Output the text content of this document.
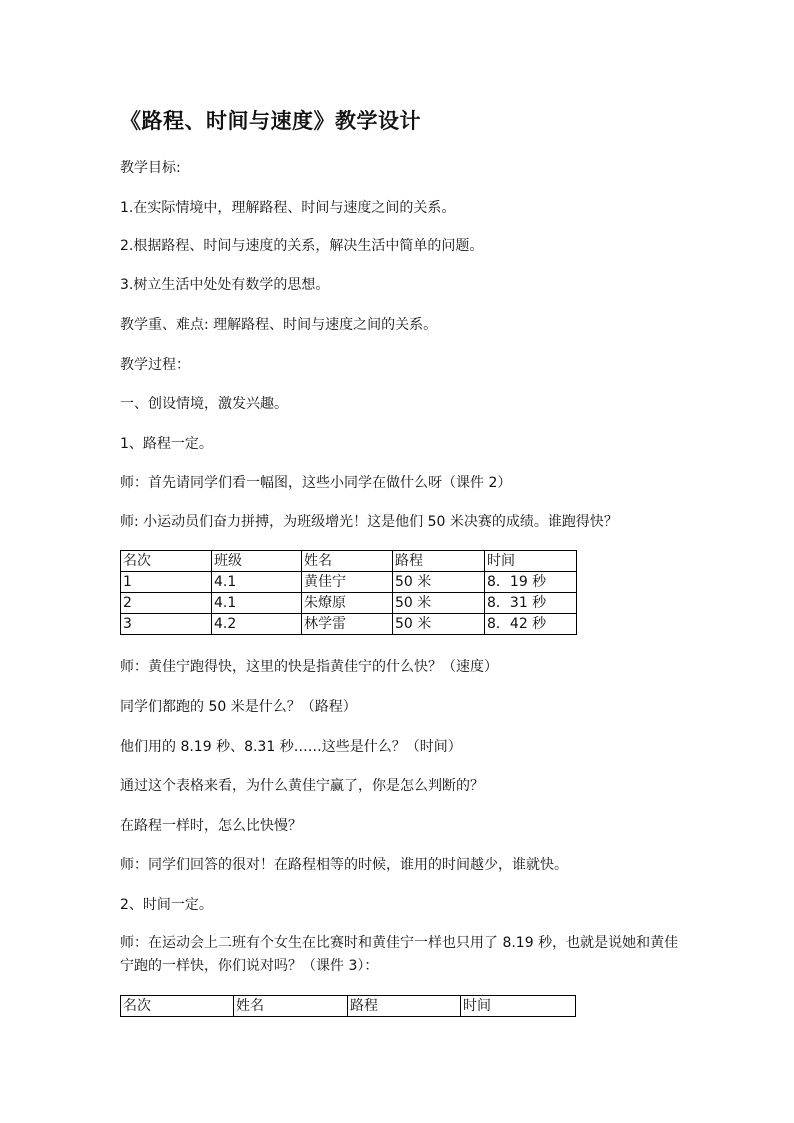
《路程、时间与速度》教学设计
教学目标:
1.在实际情境中，理解路程、时间与速度之间的关系。
2.根据路程、时间与速度的关系，解决生活中简单的问题。
3.树立生活中处处有数学的思想。
教学重、难点: 理解路程、时间与速度之间的关系。
教学过程：
一、创设情境，激发兴趣。
1、路程一定。
师：首先请同学们看一幅图，这些小同学在做什么呀（课件 2）
师: 小运动员们奋力拼搏，为班级增光！这是他们 50 米决赛的成绩。谁跑得快？
名次	班级	姓名	路程	时间
1	4.1	黄佳宁	50 米	8．19 秒
2	4.1	朱燎原	50 米	8．31 秒
3	4.2	林学雷	50 米	8．42 秒
师：黄佳宁跑得快，这里的快是指黄佳宁的什么快？（速度）
同学们都跑的 50 米是什么？（路程）
他们用的 8.19 秒、8.31 秒……这些是什么？（时间）
通过这个表格来看，为什么黄佳宁赢了，你是怎么判断的？
在路程一样时，怎么比快慢？
师：同学们回答的很对！在路程相等的时候，谁用的时间越少，谁就快。
2、时间一定。
师：在运动会上二班有个女生在比赛时和黄佳宁一样也只用了 8.19 秒，也就是说她和黄佳宁跑的一样快，你们说对吗？（课件 3）：
名次	姓名	路程	时间
